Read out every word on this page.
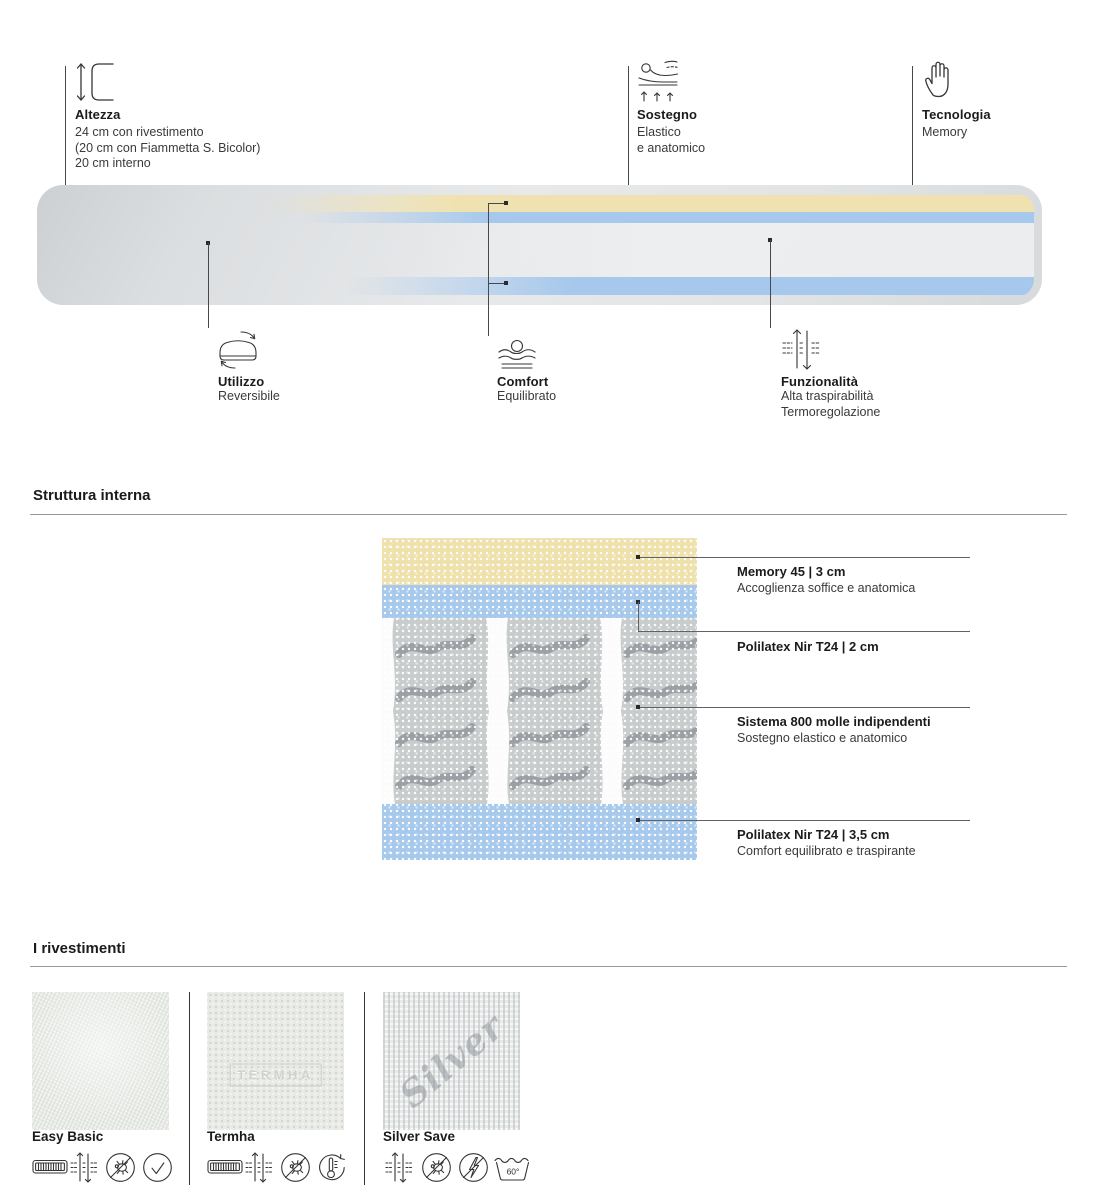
Altezza
24 cm con rivestimento
(20 cm con Fiammetta S. Bicolor)
20 cm interno
Sostegno
Elastico
e anatomico
Tecnologia
Memory
Utilizzo
Reversibile
Comfort
Equilibrato
Funzionalità
Alta traspirabilità
Termoregolazione
Struttura interna
Memory 45 | 3 cm
Accoglienza soffice e anatomica
Polilatex Nir T24 | 2 cm
Sistema 800 molle indipendenti
Sostegno elastico e anatomico
Polilatex Nir T24 | 3,5 cm
Comfort equilibrato e traspirante
I rivestimenti
Easy Basic
TERMHA
Termha
Silver
Silver Save
60°
